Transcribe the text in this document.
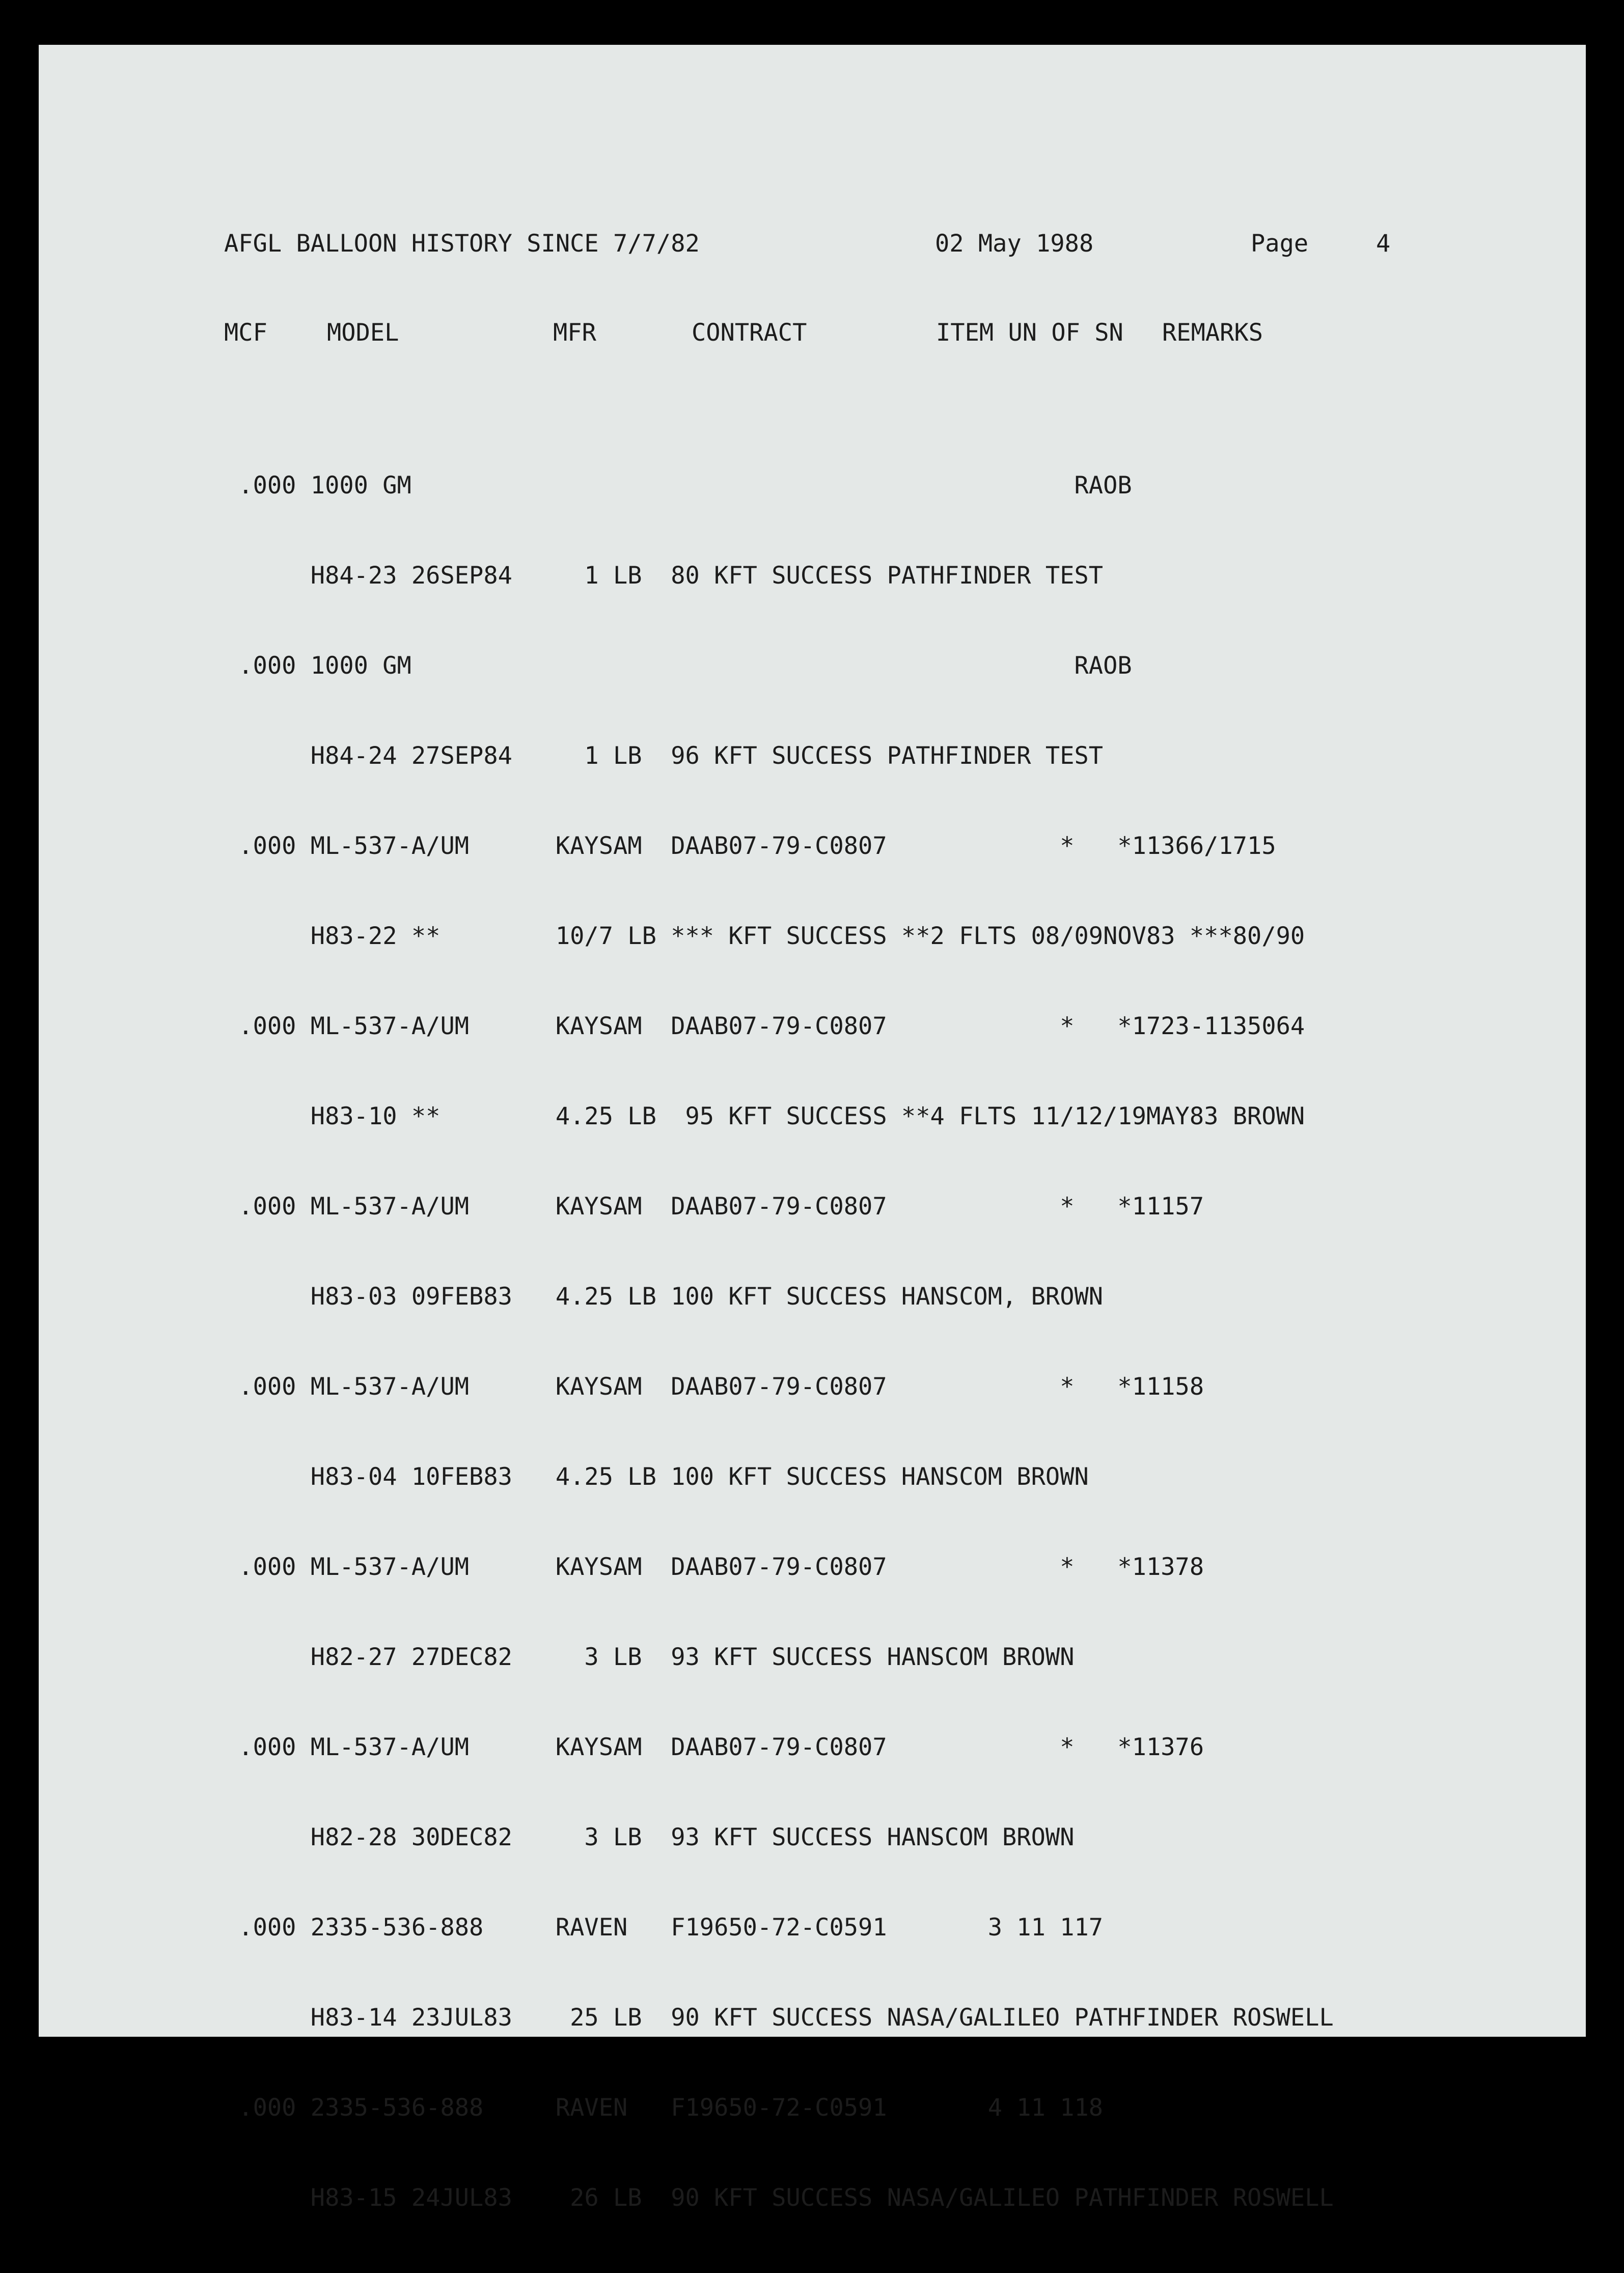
AFGL BALLOON HISTORY SINCE 7/7/82	02 May 1988	Page	4
MCF MODEL	MFR	CONTRACT	ITEM UN OF SN REMARKS

.000 1000 GM                                              RAOB

H84-23 26SEP84     1 LB  80 KFT SUCCESS PATHFINDER TEST

.000 1000 GM                                              RAOB

H84-24 27SEP84     1 LB  96 KFT SUCCESS PATHFINDER TEST

.000 ML-537-A/UM      KAYSAM  DAAB07-79-C0807            *   *11366/1715

H83-22 **        10/7 LB *** KFT SUCCESS **2 FLTS 08/09NOV83 ***80/90

.000 ML-537-A/UM      KAYSAM  DAAB07-79-C0807            *   *1723-1135064

H83-10 **        4.25 LB  95 KFT SUCCESS **4 FLTS 11/12/19MAY83 BROWN

.000 ML-537-A/UM      KAYSAM  DAAB07-79-C0807            *   *11157

H83-03 09FEB83   4.25 LB 100 KFT SUCCESS HANSCOM, BROWN

.000 ML-537-A/UM      KAYSAM  DAAB07-79-C0807            *   *11158

H83-04 10FEB83   4.25 LB 100 KFT SUCCESS HANSCOM BROWN

.000 ML-537-A/UM      KAYSAM  DAAB07-79-C0807            *   *11378

H82-27 27DEC82     3 LB  93 KFT SUCCESS HANSCOM BROWN

.000 ML-537-A/UM      KAYSAM  DAAB07-79-C0807            *   *11376

H82-28 30DEC82     3 LB  93 KFT SUCCESS HANSCOM BROWN

.000 2335-536-888     RAVEN   F19650-72-C0591       3 11 117

H83-14 23JUL83    25 LB  90 KFT SUCCESS NASA/GALILEO PATHFINDER ROSWELL

.000 2335-536-888     RAVEN   F19650-72-C0591       4 11 118

H83-15 24JUL83    26 LB  90 KFT SUCCESS NASA/GALILEO PATHFINDER ROSWELL
